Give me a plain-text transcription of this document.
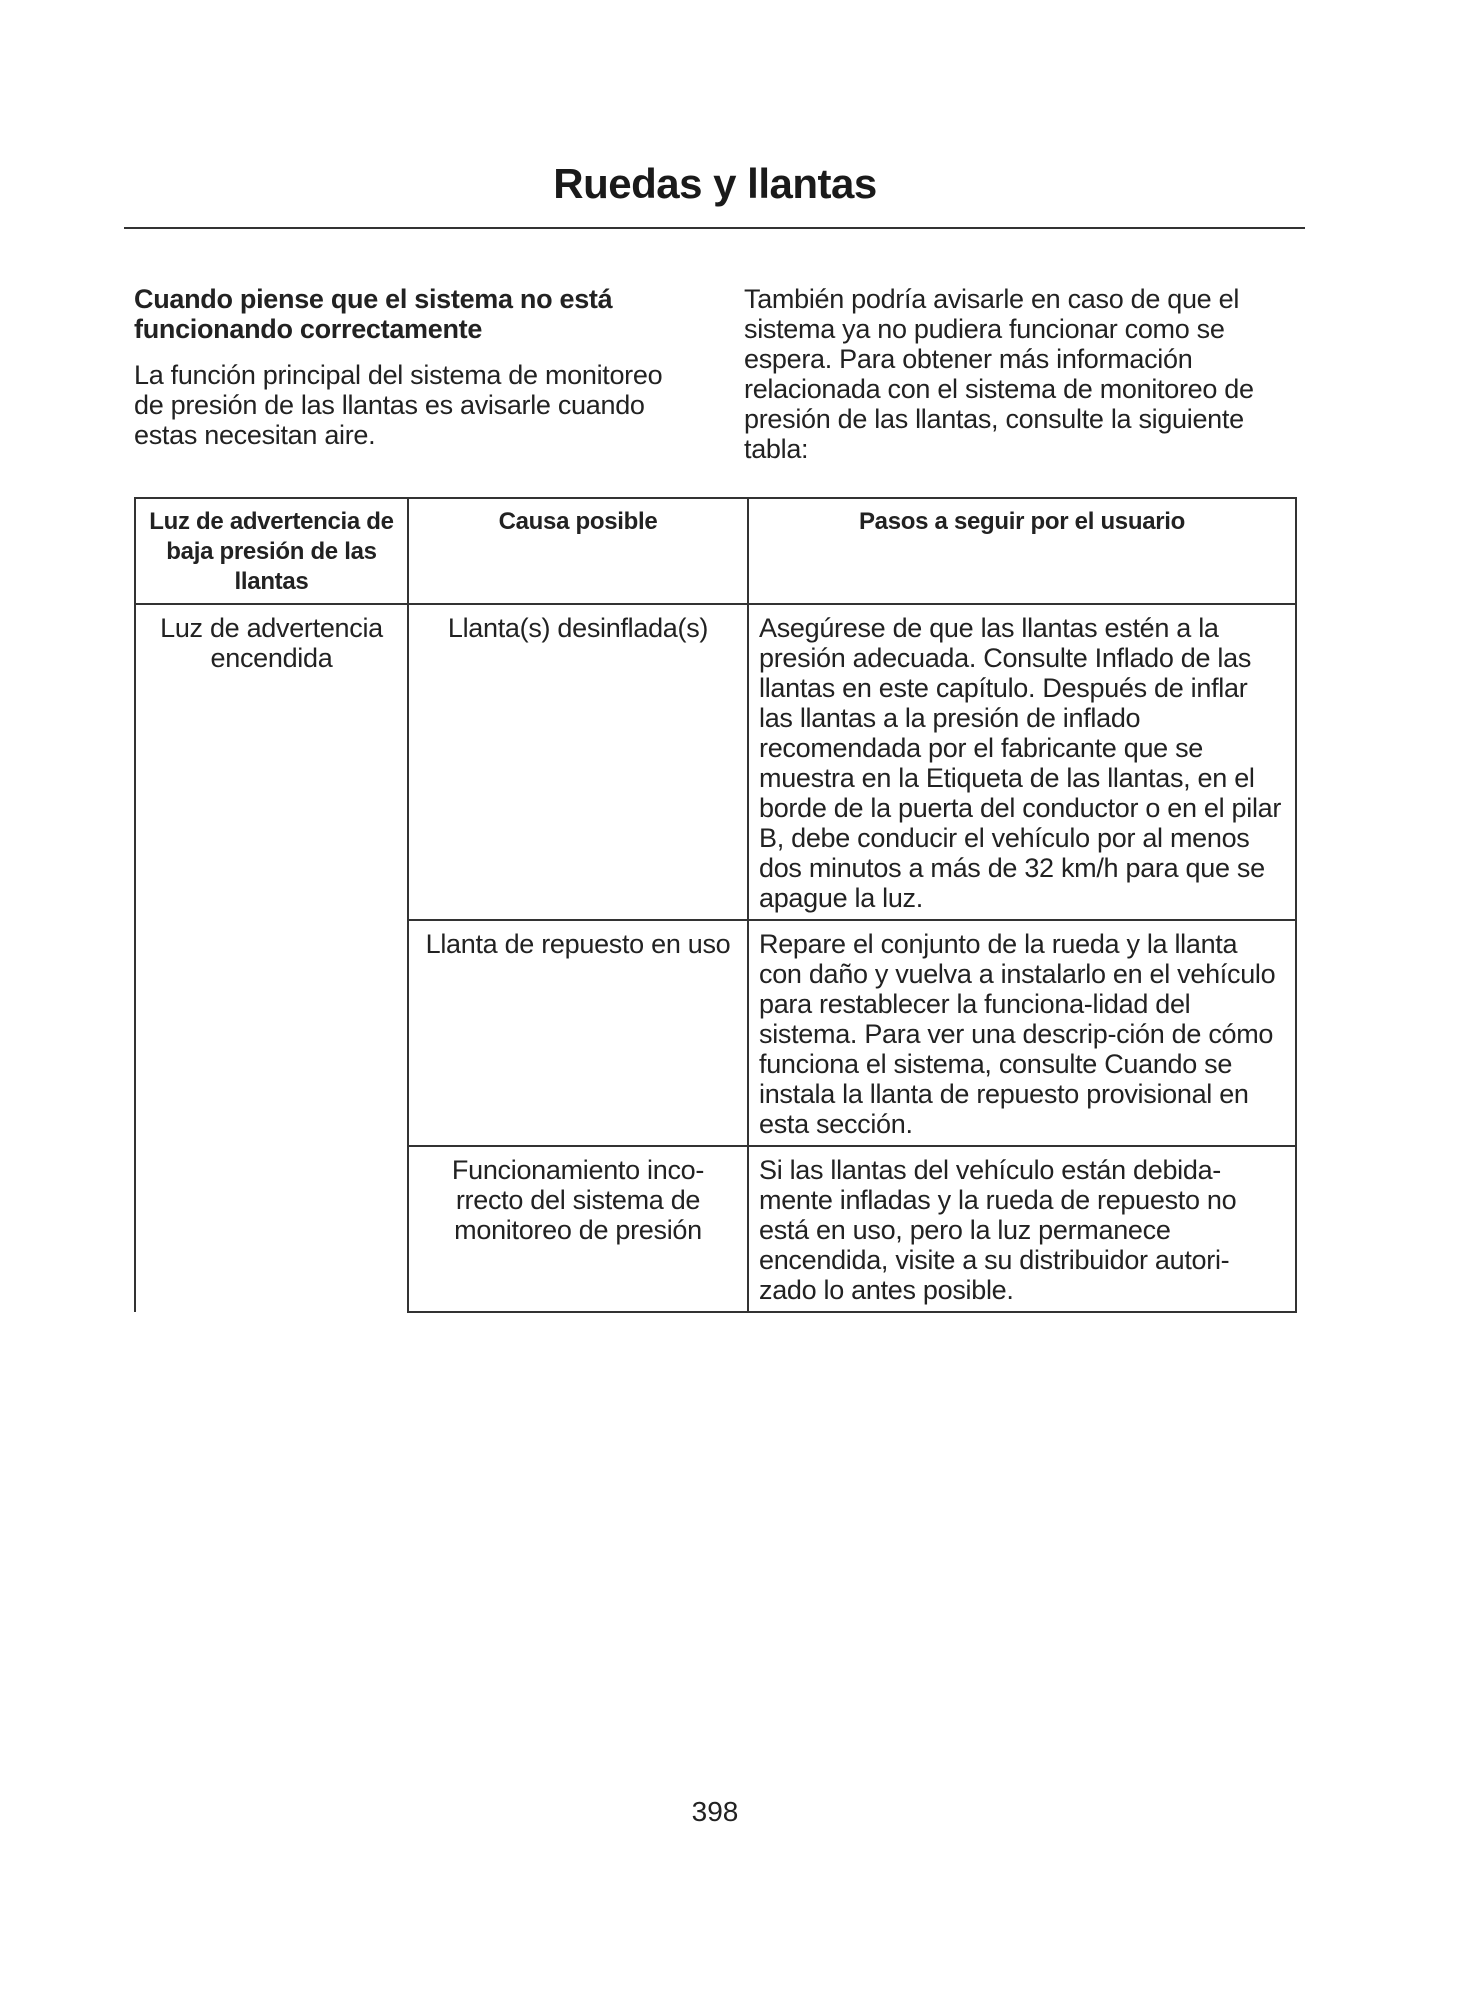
Ruedas y llantas
Cuando piense que el sistema no está funcionando correctamente

La función principal del sistema de monitoreo de presión de las llantas es avisarle cuando estas necesitan aire.

También podría avisarle en caso de que el sistema ya no pudiera funcionar como se espera. Para obtener más información relacionada con el sistema de monitoreo de presión de las llantas, consulte la siguiente tabla:

Luz de advertencia de baja presión de las llantas	Causa posible	Pasos a seguir por el usuario
Luz de advertencia encendida	Llanta(s) desinflada(s)	Asegúrese de que las llantas estén a la presión adecuada. Consulte Inflado de las llantas en este capítulo. Después de inflar las llantas a la presión de inflado recomendada por el fabricante que se muestra en la Etiqueta de las llantas, en el borde de la puerta del conductor o en el pilar B, debe conducir el vehículo por al menos dos minutos a más de 32 km/h para que se apague la luz.
	Llanta de repuesto en uso	Repare el conjunto de la rueda y la llanta con daño y vuelva a instalarlo en el vehículo para restablecer la funciona-lidad del sistema. Para ver una descrip-ción de cómo funciona el sistema, consulte Cuando se instala la llanta de repuesto provisional en esta sección.
	Funcionamiento inco-rrecto del sistema de monitoreo de presión	Si las llantas del vehículo están debida-mente infladas y la rueda de repuesto no está en uso, pero la luz permanece encendida, visite a su distribuidor autori-zado lo antes posible.
398
